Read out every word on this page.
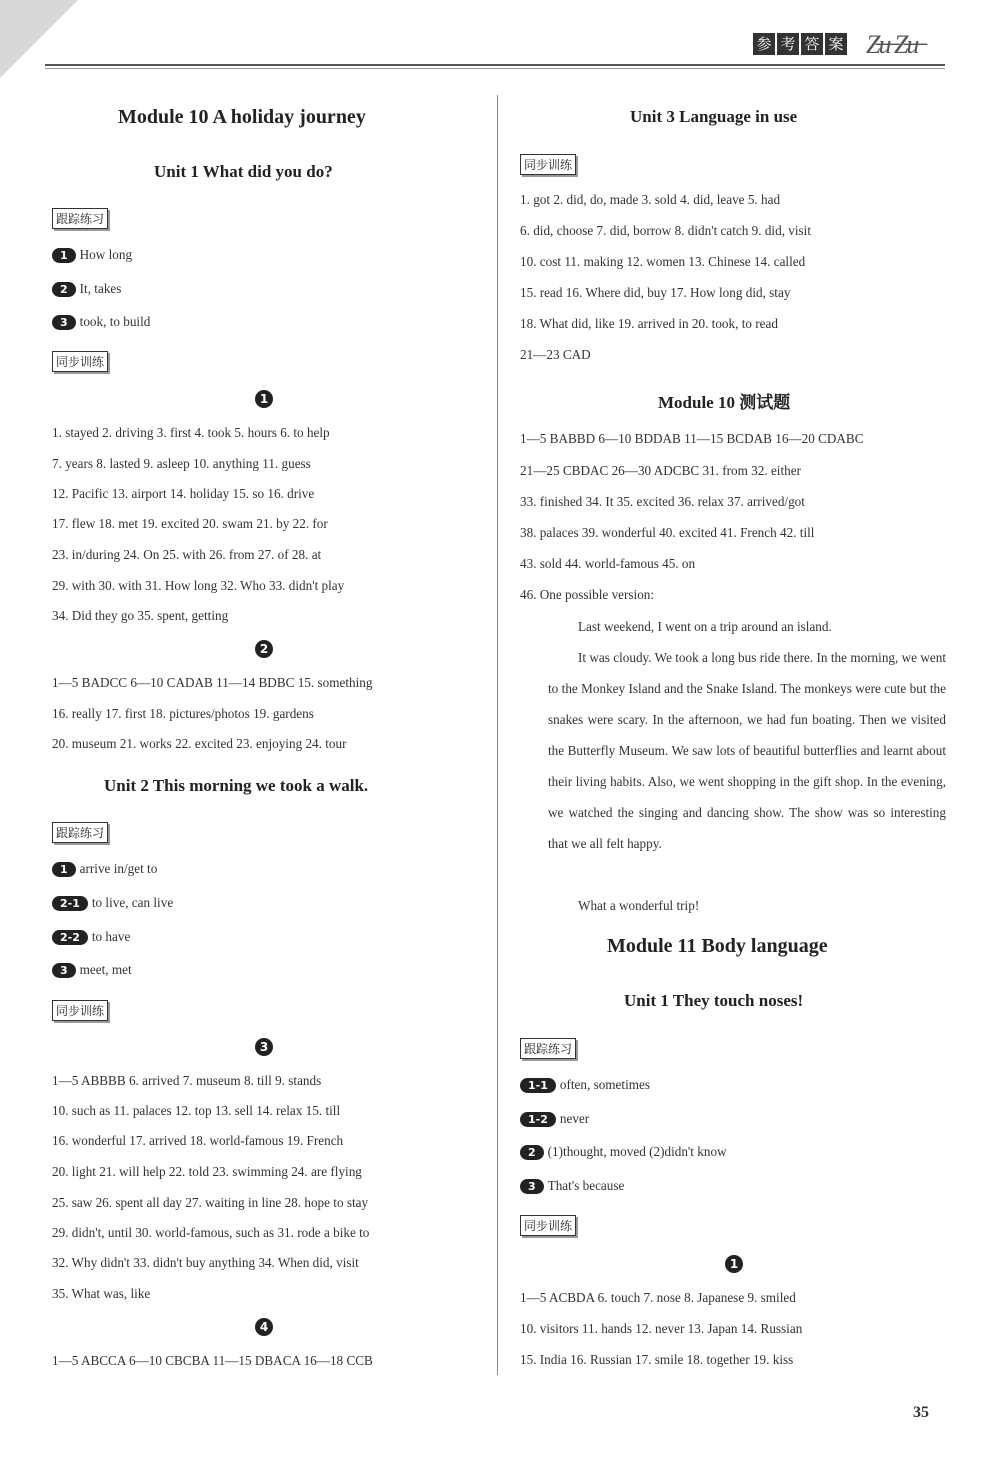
参 考 答 案 Z̶u̶ Z̶u̶
Module 10 A holiday journey
Unit 1 What did you do?
跟踪练习
1 How long
2 It, takes
3 took, to build
同步训练
1
1. stayed 2. driving 3. first 4. took 5. hours 6. to help
7. years 8. lasted 9. asleep 10. anything 11. guess
12. Pacific 13. airport 14. holiday 15. so 16. drive
17. flew 18. met 19. excited 20. swam 21. by 22. for
23. in/during 24. On 25. with 26. from 27. of 28. at
29. with 30. with 31. How long 32. Who 33. didn't play
34. Did they go 35. spent, getting
2
1—5 BADCC 6—10 CADAB 11—14 BDBC 15. something
16. really 17. first 18. pictures/photos 19. gardens
20. museum 21. works 22. excited 23. enjoying 24. tour
Unit 2 This morning we took a walk.
跟踪练习
1 arrive in/get to
2-1 to live, can live
2-2 to have
3 meet, met
同步训练
3
1—5 ABBBB 6. arrived 7. museum 8. till 9. stands
10. such as 11. palaces 12. top 13. sell 14. relax 15. till
16. wonderful 17. arrived 18. world-famous 19. French
20. light 21. will help 22. told 23. swimming 24. are flying
25. saw 26. spent all day 27. waiting in line 28. hope to stay
29. didn't, until 30. world-famous, such as 31. rode a bike to
32. Why didn't 33. didn't buy anything 34. When did, visit
35. What was, like
4
1—5 ABCCA 6—10 CBCBA 11—15 DBACA 16—18 CCB
Unit 3 Language in use
同步训练
1. got 2. did, do, made 3. sold 4. did, leave 5. had
6. did, choose 7. did, borrow 8. didn't catch 9. did, visit
10. cost 11. making 12. women 13. Chinese 14. called
15. read 16. Where did, buy 17. How long did, stay
18. What did, like 19. arrived in 20. took, to read
21—23 CAD
Module 10 测试题
1—5 BABBD 6—10 BDDAB 11—15 BCDAB 16—20 CDABC
21—25 CBDAC 26—30 ADCBC 31. from 32. either
33. finished 34. It 35. excited 36. relax 37. arrived/got
38. palaces 39. wonderful 40. excited 41. French 42. till
43. sold 44. world-famous 45. on
46. One possible version:
Last weekend, I went on a trip around an island.
It was cloudy. We took a long bus ride there. In the morning, we went to the Monkey Island and the Snake Island. The monkeys were cute but the snakes were scary. In the afternoon, we had fun boating. Then we visited the Butterfly Museum. We saw lots of beautiful butterflies and learnt about their living habits. Also, we went shopping in the gift shop. In the evening, we watched the singing and dancing show. The show was so interesting that we all felt happy.
What a wonderful trip!
Module 11 Body language
Unit 1 They touch noses!
跟踪练习
1-1 often, sometimes
1-2 never
2 (1)thought, moved (2)didn't know
3 That's because
同步训练
1
1—5 ACBDA 6. touch 7. nose 8. Japanese 9. smiled
10. visitors 11. hands 12. never 13. Japan 14. Russian
15. India 16. Russian 17. smile 18. together 19. kiss
35
